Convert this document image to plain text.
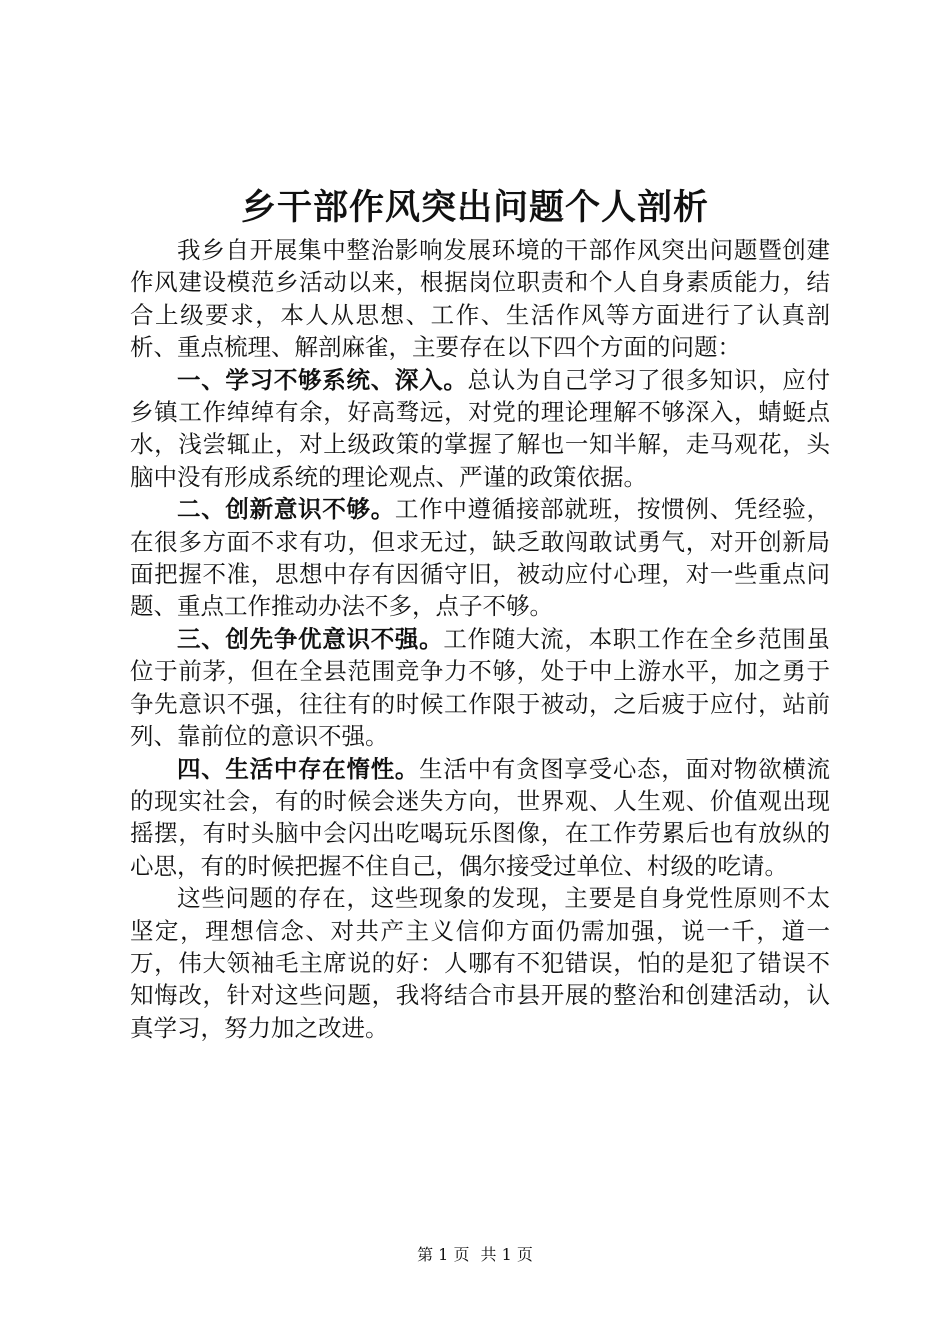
乡干部作风突出问题个人剖析

我乡自开展集中整治影响发展环境的干部作风突出问题暨创建作风建设模范乡活动以来，根据岗位职责和个人自身素质能力，结合上级要求，本人从思想、工作、生活作风等方面进行了认真剖析、重点梳理、解剖麻雀，主要存在以下四个方面的问题：

一、学习不够系统、深入。总认为自己学习了很多知识，应付乡镇工作绰绰有余，好高骛远，对党的理论理解不够深入，蜻蜓点水，浅尝辄止，对上级政策的掌握了解也一知半解，走马观花，头脑中没有形成系统的理论观点、严谨的政策依据。

二、创新意识不够。工作中遵循接部就班，按惯例、凭经验，在很多方面不求有功，但求无过，缺乏敢闯敢试勇气，对开创新局面把握不准，思想中存有因循守旧，被动应付心理，对一些重点问题、重点工作推动办法不多，点子不够。

三、创先争优意识不强。工作随大流，本职工作在全乡范围虽位于前茅，但在全县范围竞争力不够，处于中上游水平，加之勇于争先意识不强，往往有的时候工作限于被动，之后疲于应付，站前列、靠前位的意识不强。

四、生活中存在惰性。生活中有贪图享受心态，面对物欲横流的现实社会，有的时候会迷失方向，世界观、人生观、价值观出现摇摆，有时头脑中会闪出吃喝玩乐图像，在工作劳累后也有放纵的心思，有的时候把握不住自己，偶尔接受过单位、村级的吃请。

这些问题的存在，这些现象的发现，主要是自身党性原则不太坚定，理想信念、对共产主义信仰方面仍需加强，说一千，道一万，伟大领袖毛主席说的好：人哪有不犯错误，怕的是犯了错误不知悔改，针对这些问题，我将结合市县开展的整治和创建活动，认真学习，努力加之改进。

第 1 页 共 1 页
